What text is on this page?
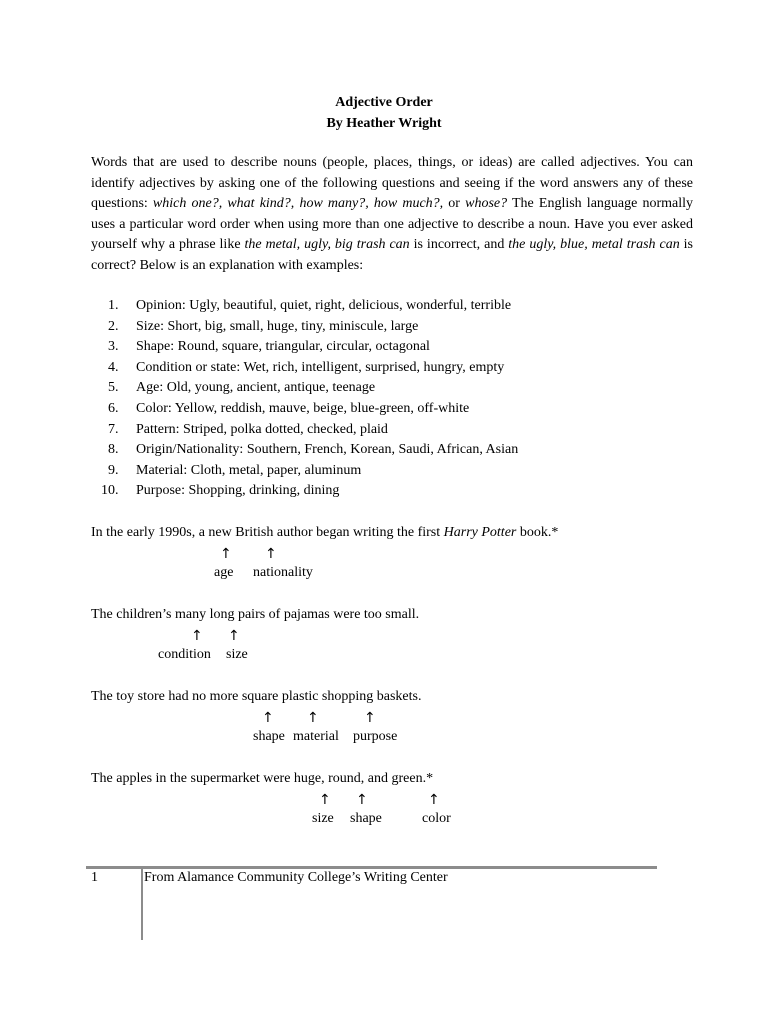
Adjective Order
By Heather Wright
Words that are used to describe nouns (people, places, things, or ideas) are called adjectives. You can identify adjectives by asking one of the following questions and seeing if the word answers any of these questions: which one?, what kind?, how many?, how much?, or whose? The English language normally uses a particular word order when using more than one adjective to describe a noun. Have you ever asked yourself why a phrase like the metal, ugly, big trash can is incorrect, and the ugly, blue, metal trash can is correct? Below is an explanation with examples:
1. Opinion: Ugly, beautiful, quiet, right, delicious, wonderful, terrible
2. Size: Short, big, small, huge, tiny, miniscule, large
3. Shape: Round, square, triangular, circular, octagonal
4. Condition or state: Wet, rich, intelligent, surprised, hungry, empty
5. Age: Old, young, ancient, antique, teenage
6. Color: Yellow, reddish, mauve, beige, blue-green, off-white
7. Pattern: Striped, polka dotted, checked, plaid
8. Origin/Nationality: Southern, French, Korean, Saudi, African, Asian
9. Material: Cloth, metal, paper, aluminum
10. Purpose: Shopping, drinking, dining
In the early 1990s, a new British author began writing the first Harry Potter book.*
↑ ↑
age nationality
The children’s many long pairs of pajamas were too small.
↑ ↑
condition size
The toy store had no more square plastic shopping baskets.
↑ ↑	↑
shape material purpose
The apples in the supermarket were huge, round, and green.*
↑ ↑	↑
size shape	color
1	From Alamance Community College’s Writing Center
